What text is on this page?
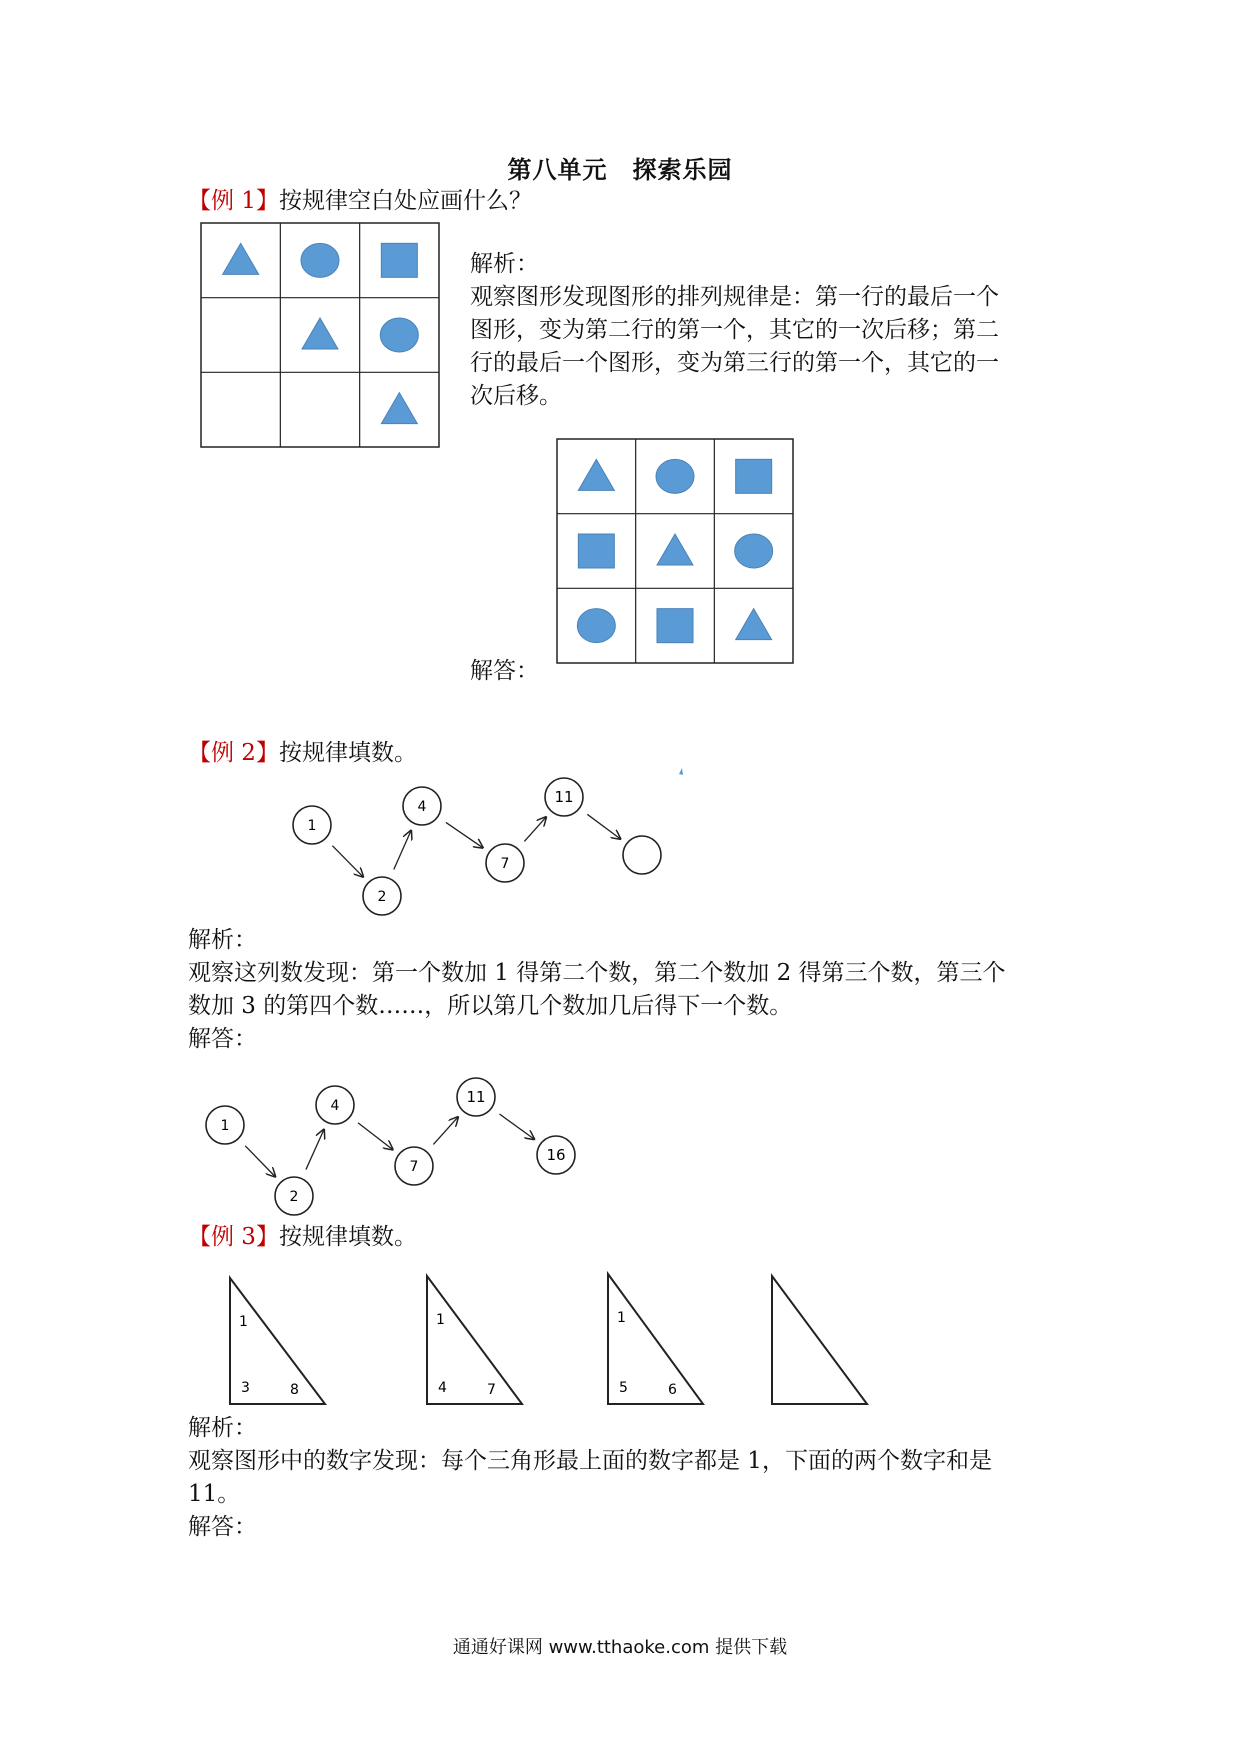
第八单元　探索乐园
【例 1】按规律空白处应画什么？
解析：
观察图形发现图形的排列规律是：第一行的最后一个
图形，变为第二行的第一个，其它的一次后移；第二
行的最后一个图形，变为第三行的第一个，其它的一
次后移。
解答：
【例 2】按规律填数。
1
2
4
7
11
解析：
观察这列数发现：第一个数加 1 得第二个数，第二个数加 2 得第三个数，第三个
数加 3 的第四个数……，所以第几个数加几后得下一个数。
解答：
1
2
4
7
11
16
【例 3】按规律填数。
1
3	8
1
4	7
1
5	6
解析：
观察图形中的数字发现：每个三角形最上面的数字都是 1，下面的两个数字和是
11。
解答：
通通好课网 www.tthaoke.com 提供下载
